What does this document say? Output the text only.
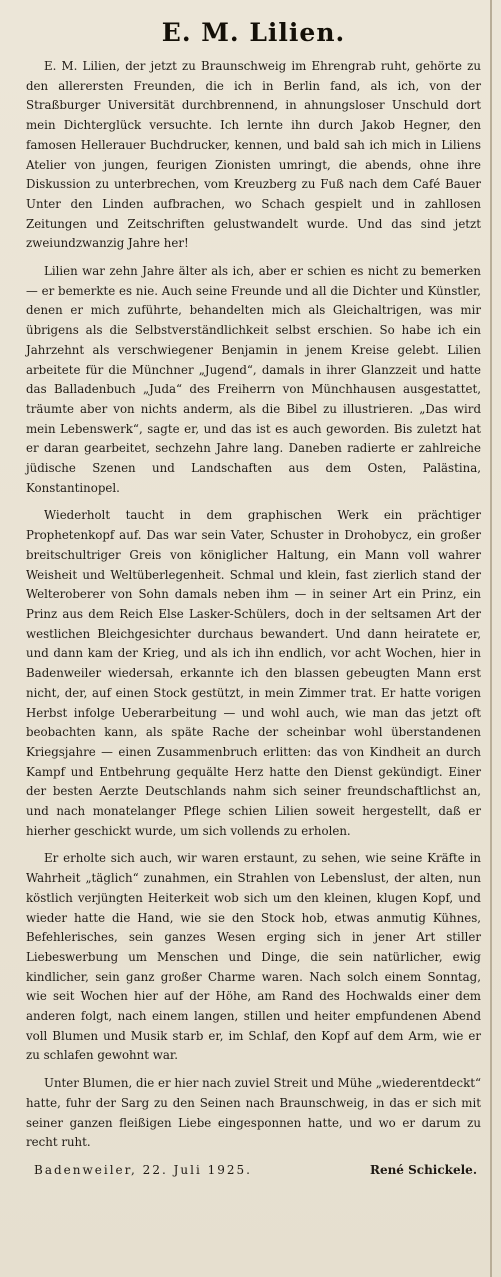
E. M. Lilien.

E. M. Lilien, der jetzt zu Braunschweig im Ehrengrab ruht, gehörte zu den allerersten Freunden, die ich in Berlin fand, als ich, von der Straßburger Universität durchbrennend, in ahnungsloser Unschuld dort mein Dichterglück versuchte. Ich lernte ihn durch Jakob Hegner, den famosen Hellerauer Buchdrucker, kennen, und bald sah ich mich in Liliens Atelier von jungen, feurigen Zionisten umringt, die abends, ohne ihre Diskussion zu unterbrechen, vom Kreuzberg zu Fuß nach dem Café Bauer Unter den Linden aufbrachen, wo Schach gespielt und in zahllosen Zeitungen und Zeitschriften gelustwandelt wurde. Und das sind jetzt zweiundzwanzig Jahre her!

Lilien war zehn Jahre älter als ich, aber er schien es nicht zu bemerken — er bemerkte es nie. Auch seine Freunde und all die Dichter und Künstler, denen er mich zuführte, behandelten mich als Gleichaltrigen, was mir übrigens als die Selbstverständlichkeit selbst erschien. So habe ich ein Jahrzehnt als verschwiegener Benjamin in jenem Kreise gelebt. Lilien arbeitete für die Münchner „Jugend“, damals in ihrer Glanzzeit und hatte das Balladenbuch „Juda“ des Freiherrn von Münchhausen ausgestattet, träumte aber von nichts anderm, als die Bibel zu illustrieren. „Das wird mein Lebenswerk“, sagte er, und das ist es auch geworden. Bis zuletzt hat er daran gearbeitet, sechzehn Jahre lang. Daneben radierte er zahlreiche jüdische Szenen und Landschaften aus dem Osten, Palästina, Konstantinopel.

Wiederholt taucht in dem graphischen Werk ein prächtiger Prophetenkopf auf. Das war sein Vater, Schuster in Drohobycz, ein großer breitschultriger Greis von königlicher Haltung, ein Mann voll wahrer Weisheit und Weltüberlegenheit. Schmal und klein, fast zierlich stand der Welteroberer von Sohn damals neben ihm — in seiner Art ein Prinz, ein Prinz aus dem Reich Else Lasker-Schülers, doch in der seltsamen Art der westlichen Bleichgesichter durchaus bewandert. Und dann heiratete er, und dann kam der Krieg, und als ich ihn endlich, vor acht Wochen, hier in Badenweiler wiedersah, erkannte ich den blassen gebeugten Mann erst nicht, der, auf einen Stock gestützt, in mein Zimmer trat. Er hatte vorigen Herbst infolge Ueberarbeitung — und wohl auch, wie man das jetzt oft beobachten kann, als späte Rache der scheinbar wohl überstandenen Kriegsjahre — einen Zusammenbruch erlitten: das von Kindheit an durch Kampf und Entbehrung gequälte Herz hatte den Dienst gekündigt. Einer der besten Aerzte Deutschlands nahm sich seiner freundschaftlichst an, und nach monatelanger Pflege schien Lilien soweit hergestellt, daß er hierher geschickt wurde, um sich vollends zu erholen.

Er erholte sich auch, wir waren erstaunt, zu sehen, wie seine Kräfte in Wahrheit „täglich“ zunahmen, ein Strahlen von Lebenslust, der alten, nun köstlich verjüngten Heiterkeit wob sich um den kleinen, klugen Kopf, und wieder hatte die Hand, wie sie den Stock hob, etwas anmutig Kühnes, Befehlerisches, sein ganzes Wesen erging sich in jener Art stiller Liebeswerbung um Menschen und Dinge, die sein natürlicher, ewig kindlicher, sein ganz großer Charme waren. Nach solch einem Sonntag, wie seit Wochen hier auf der Höhe, am Rand des Hochwalds einer dem anderen folgt, nach einem langen, stillen und heiter empfundenen Abend voll Blumen und Musik starb er, im Schlaf, den Kopf auf dem Arm, wie er zu schlafen gewohnt war.

Unter Blumen, die er hier nach zuviel Streit und Mühe „wiederentdeckt“ hatte, fuhr der Sarg zu den Seinen nach Braunschweig, in das er sich mit seiner ganzen fleißigen Liebe eingesponnen hatte, und wo er darum zu recht ruht.

Badenweiler, 22. Juli 1925.	René Schickele.
